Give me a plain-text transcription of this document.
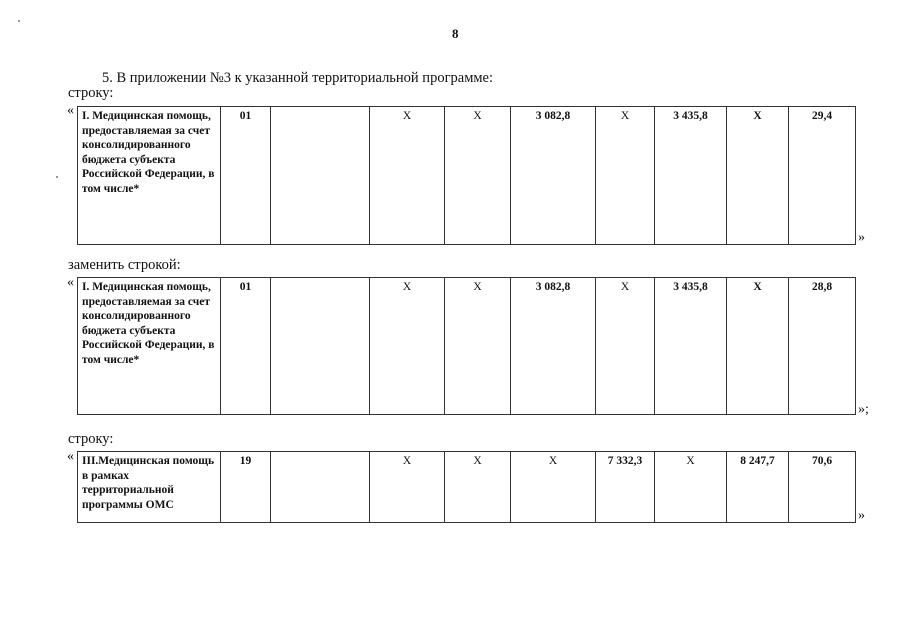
8
5. В приложении №3 к указанной территориальной программе:
строку:
« I. Медицинская помощь, предоставляемая за счет консолидированного бюджета субъекта Российской Федерации, в том числе*	01		X	X	3 082,8	X	3 435,8	X	29,4
»
заменить строкой:
« I. Медицинская помощь, предоставляемая за счет консолидированного бюджета субъекта Российской Федерации, в том числе*	01		X	X	3 082,8	X	3 435,8	X	28,8
»;
строку:
« III.Медицинская помощь в рамках территориальной программы ОМС	19		X	X	X	7 332,3	X	8 247,7	70,6
»
